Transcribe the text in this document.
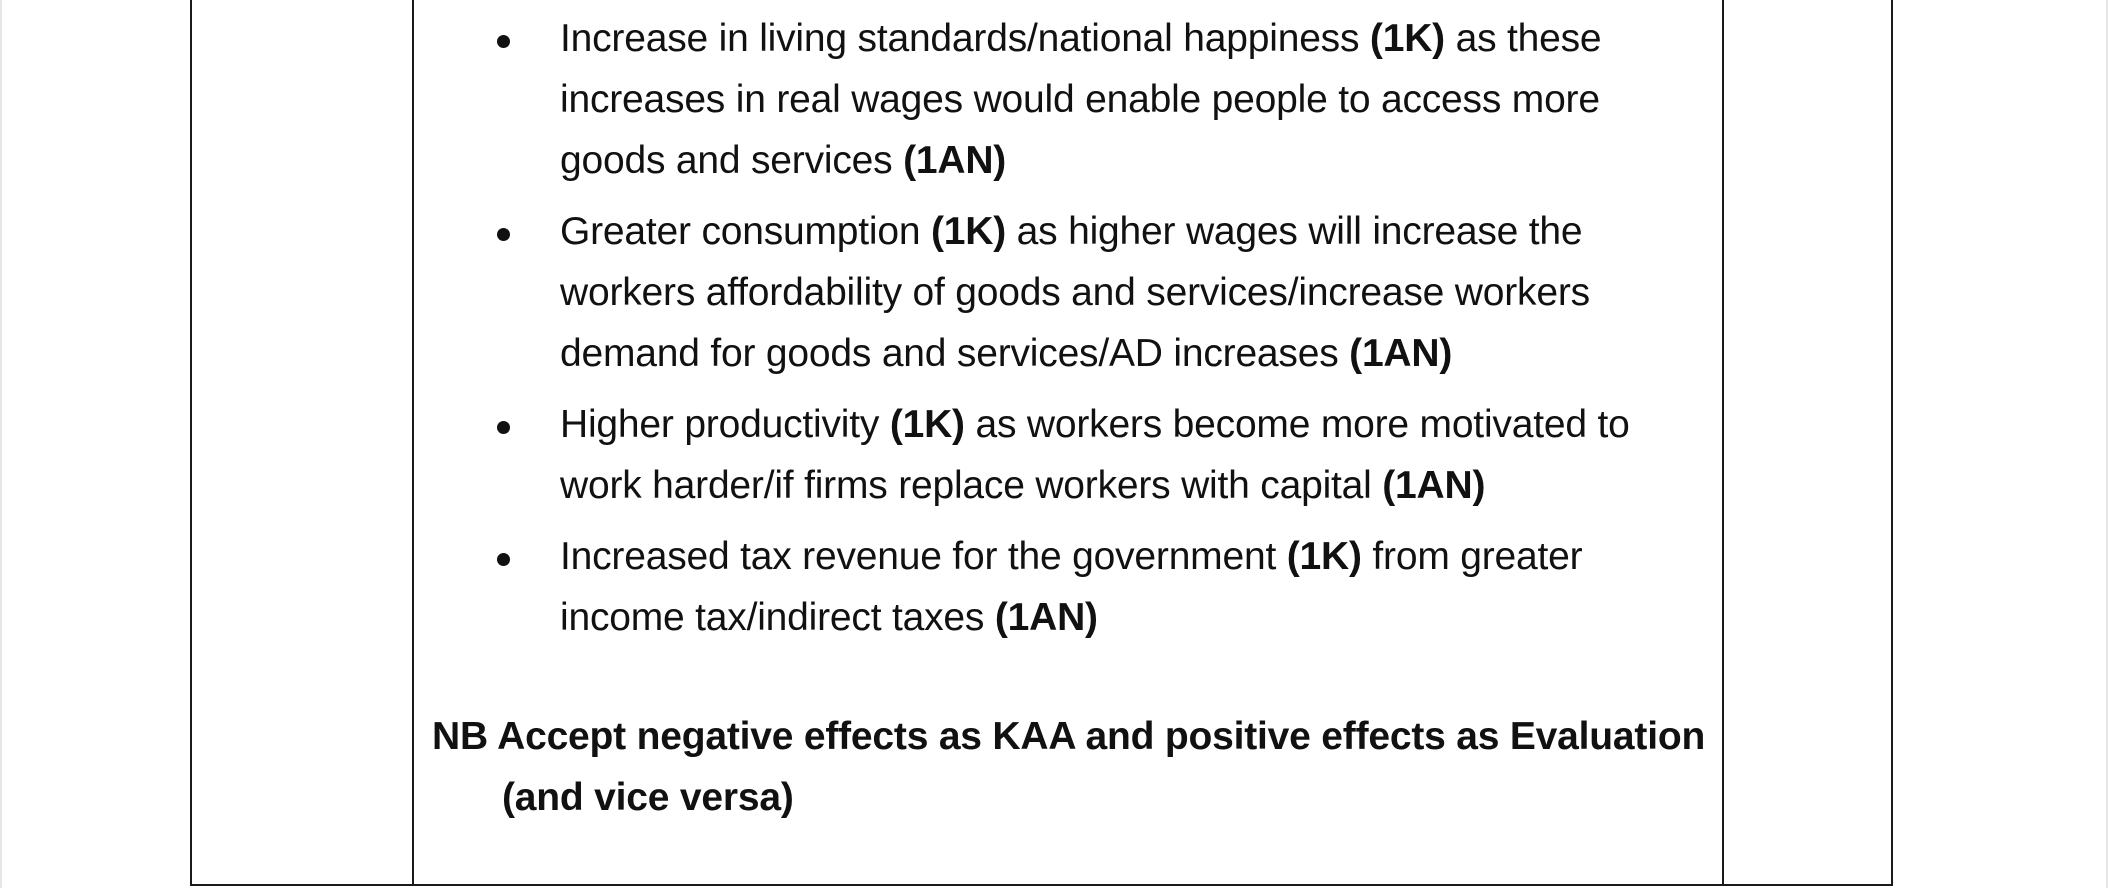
Increase in living standards/national happiness (1K) as these increases in real wages would enable people to access more goods and services (1AN)
Greater consumption (1K) as higher wages will increase the workers affordability of goods and services/increase workers demand for goods and services/AD increases (1AN)
Higher productivity (1K) as workers become more motivated to work harder/if firms replace workers with capital (1AN)
Increased tax revenue for the government (1K) from greater income tax/indirect taxes (1AN)
NB Accept negative effects as KAA and positive effects as Evaluation (and vice versa)
